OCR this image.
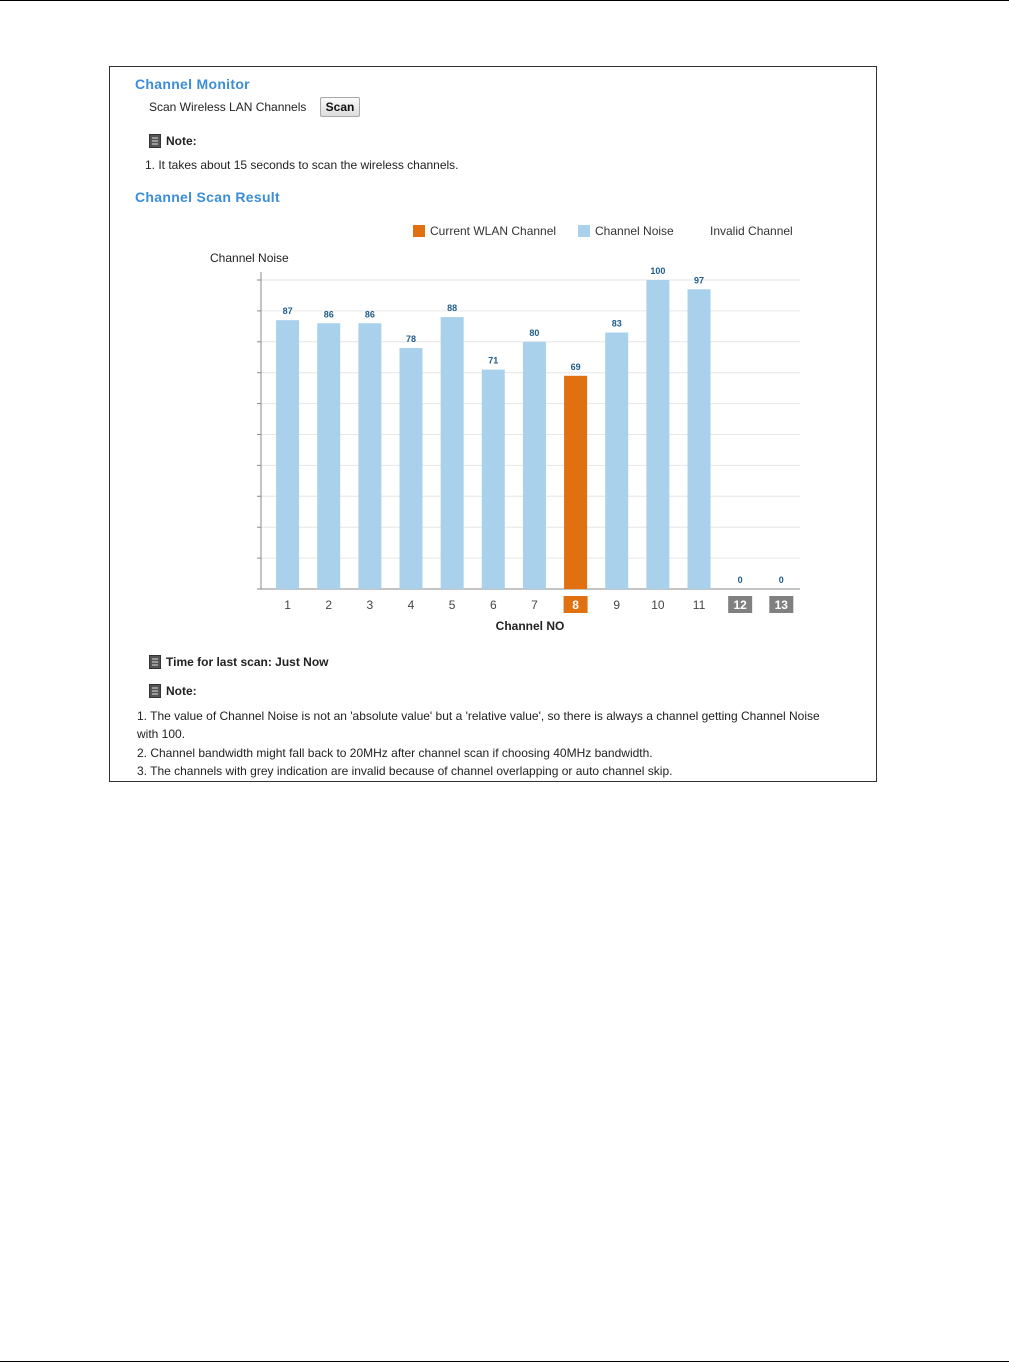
Channel Monitor
Scan Wireless LAN Channels	Scan
Note:
1. It takes about 15 seconds to scan the wireless channels.
Channel Scan Result
Current WLAN Channel	Channel Noise	Invalid Channel
Channel Noise
87
1
86
2
86
3
78
4
88
5
71
6
80
7
69
8
83
9
100
10
97
11
0
12
0
13
Channel NO
Time for last scan: Just Now
Note:
1. The value of Channel Noise is not an 'absolute value' but a 'relative value', so there is always a channel getting Channel Noise
with 100.
2. Channel bandwidth might fall back to 20MHz after channel scan if choosing 40MHz bandwidth.
3. The channels with grey indication are invalid because of channel overlapping or auto channel skip.
